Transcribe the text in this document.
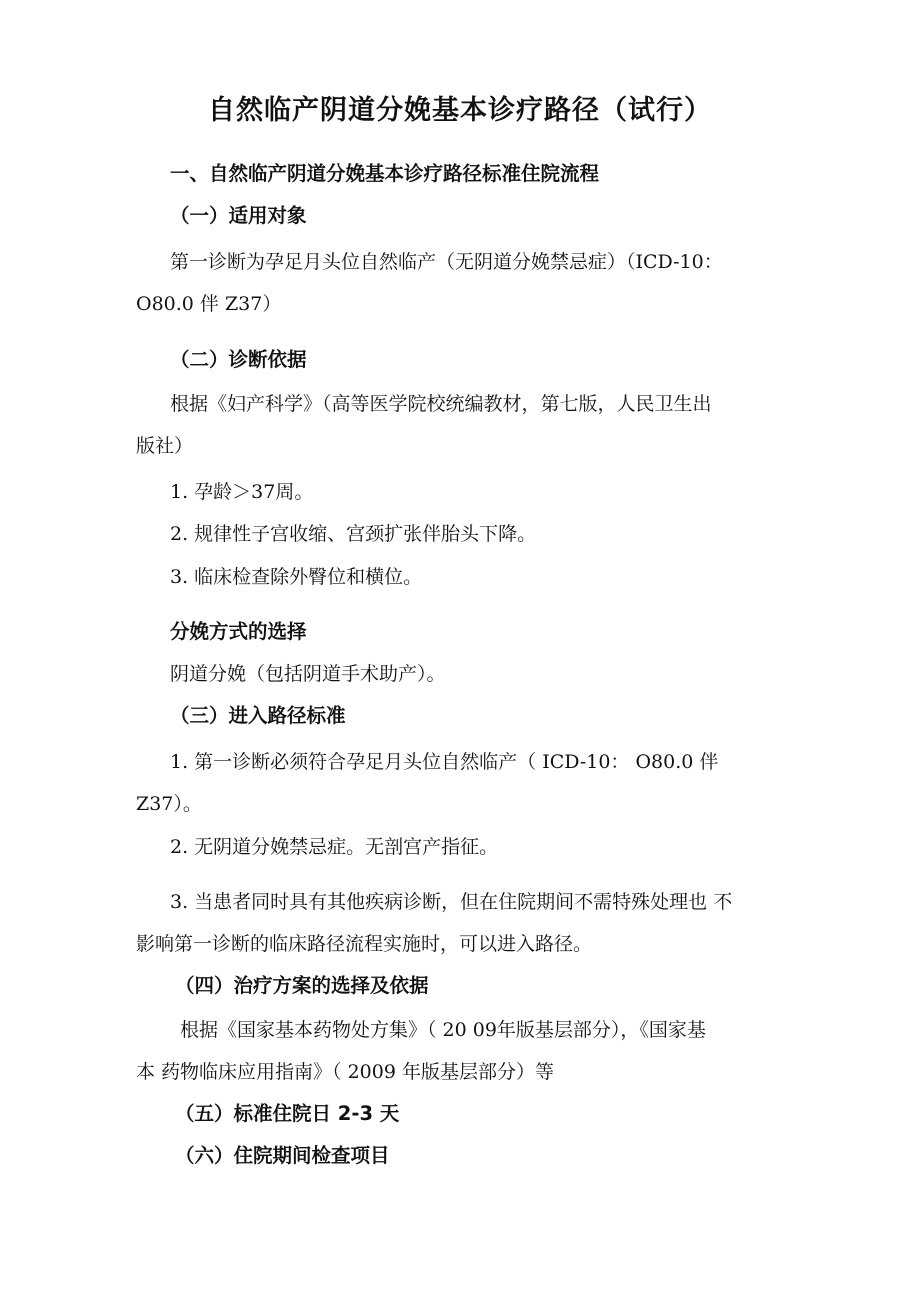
自然临产阴道分娩基本诊疗路径（试行）
一、自然临产阴道分娩基本诊疗路径标准住院流程
（一）适用对象

第一诊断为孕足月头位自然临产（无阴道分娩禁忌症）（ICD-10：

O80.0 伴 Z37）

（二）诊断依据
根据《妇产科学》（高等医学院校统编教材，第七版，人民卫生出
版社）

1. 孕龄＞37周。

2. 规律性子宫收缩、宫颈扩张伴胎头下降。

3. 临床检查除外臀位和横位。

分娩方式的选择

阴道分娩（包括阴道手术助产）。

（三）进入路径标准

1. 第一诊断必须符合孕足月头位自然临产（ ICD-10： O80.0 伴

Z37）。

2. 无阴道分娩禁忌症。无剖宫产指征。

3. 当患者同时具有其他疾病诊断，但在住院期间不需特殊处理也 不

影响第一诊断的临床路径流程实施时，可以进入路径。

（四）治疗方案的选择及依据

根据《国家基本药物处方集》（ 20 09年版基层部分），《国家基

本 药物临床应用指南》（ 2009 年版基层部分）等

（五）标准住院日 2-3 天
（六）住院期间检查项目
